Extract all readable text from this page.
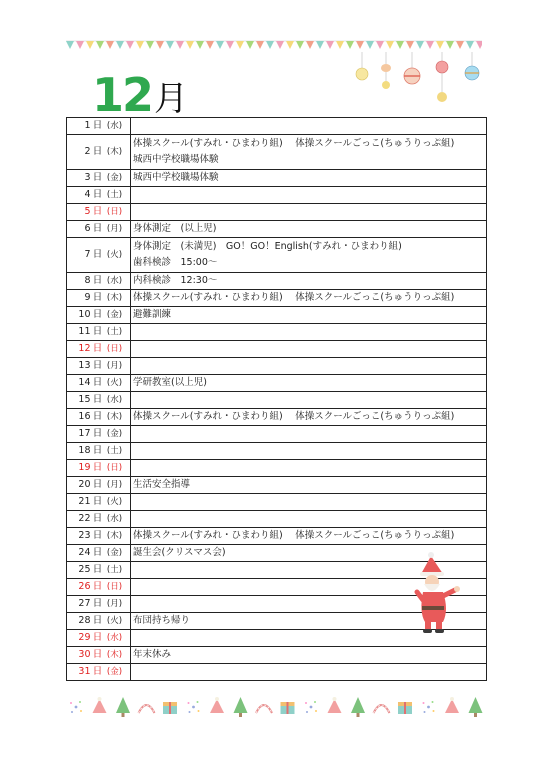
12 月
1 日 (水)	
2 日 (木)	体操スクール(すみれ・ひまわり組)　 体操スクールごっこ(ちゅうりっぷ組)
城西中学校職場体験

3 日 (金)	城西中学校職場体験

4 日 (土)	
5 日 (日)	
6 日 (月)	身体測定　(以上児)

7 日 (火)	身体測定　(未満児)　GO！GO！English(すみれ・ひまわり組)
歯科検診　15:00～

8 日 (水)	内科検診　12:30～

9 日 (木)	体操スクール(すみれ・ひまわり組)　 体操スクールごっこ(ちゅうりっぷ組)

10 日 (金)	避難訓練

11 日 (土)	
12 日 (日)	
13 日 (月)	
14 日 (火)	学研教室(以上児)

15 日 (水)	
16 日 (木)	体操スクール(すみれ・ひまわり組)　 体操スクールごっこ(ちゅうりっぷ組)

17 日 (金)	
18 日 (土)	
19 日 (日)	
20 日 (月)	生活安全指導

21 日 (火)	
22 日 (水)	
23 日 (木)	体操スクール(すみれ・ひまわり組)　 体操スクールごっこ(ちゅうりっぷ組)

24 日 (金)	誕生会(クリスマス会)

25 日 (土)	
26 日 (日)	
27 日 (月)	
28 日 (火)	布団持ち帰り

29 日 (水)	
30 日 (木)	年末休み

31 日 (金)	
